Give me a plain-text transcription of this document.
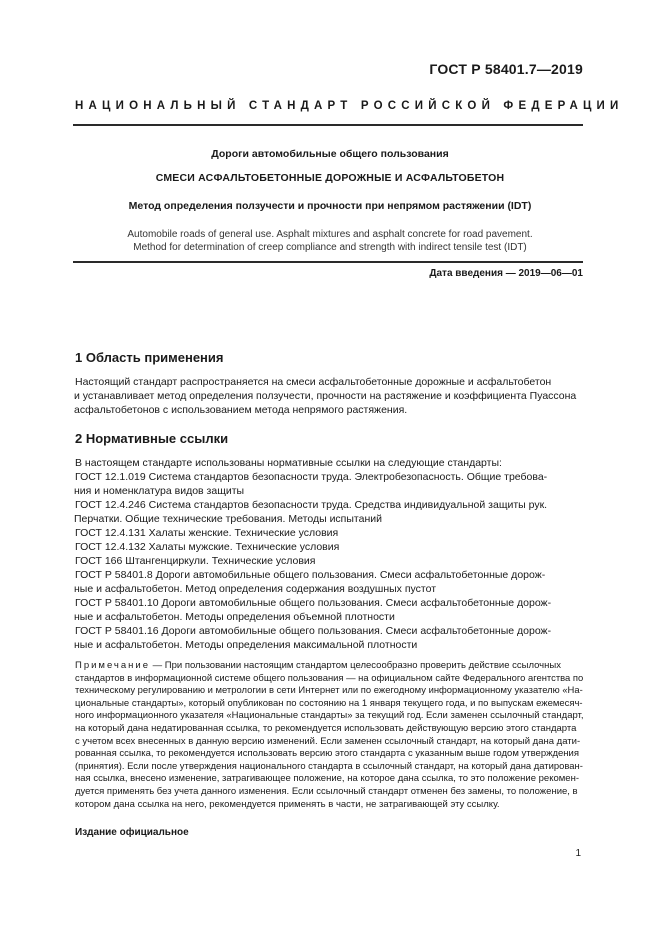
ГОСТ Р 58401.7—2019
НАЦИОНАЛЬНЫЙ СТАНДАРТ РОССИЙСКОЙ ФЕДЕРАЦИИ
Дороги автомобильные общего пользования
СМЕСИ АСФАЛЬТОБЕТОННЫЕ ДОРОЖНЫЕ И АСФАЛЬТОБЕТОН
Метод определения ползучести и прочности при непрямом растяжении (IDT)
Automobile roads of general use. Asphalt mixtures and asphalt concrete for road pavement.
Method for determination of creep compliance and strength with indirect tensile test (IDT)
Дата введения — 2019—06—01
1 Область применения
Настоящий стандарт распространяется на смеси асфальтобетонные дорожные и асфальтобетон
и устанавливает метод определения ползучести, прочности на растяжение и коэффициента Пуассона
асфальтобетонов с использованием метода непрямого растяжения.
2 Нормативные ссылки
В настоящем стандарте использованы нормативные ссылки на следующие стандарты:
ГОСТ 12.1.019 Система стандартов безопасности труда. Электробезопасность. Общие требова-
ния и номенклатура видов защиты
ГОСТ 12.4.246 Система стандартов безопасности труда. Средства индивидуальной защиты рук.
Перчатки. Общие технические требования. Методы испытаний
ГОСТ 12.4.131 Халаты женские. Технические условия
ГОСТ 12.4.132 Халаты мужские. Технические условия
ГОСТ 166 Штангенциркули. Технические условия
ГОСТ Р 58401.8 Дороги автомобильные общего пользования. Смеси асфальтобетонные дорож-
ные и асфальтобетон. Метод определения содержания воздушных пустот
ГОСТ Р 58401.10 Дороги автомобильные общего пользования. Смеси асфальтобетонные дорож-
ные и асфальтобетон. Методы определения объемной плотности
ГОСТ Р 58401.16 Дороги автомобильные общего пользования. Смеси асфальтобетонные дорож-
ные и асфальтобетон. Методы определения максимальной плотности
Примечание — При пользовании настоящим стандартом целесообразно проверить действие ссылочных
стандартов в информационной системе общего пользования — на официальном сайте Федерального агентства по
техническому регулированию и метрологии в сети Интернет или по ежегодному информационному указателю «На-
циональные стандарты», который опубликован по состоянию на 1 января текущего года, и по выпускам ежемесяч-
ного информационного указателя «Национальные стандарты» за текущий год. Если заменен ссылочный стандарт,
на который дана недатированная ссылка, то рекомендуется использовать действующую версию этого стандарта
с учетом всех внесенных в данную версию изменений. Если заменен ссылочный стандарт, на который дана дати-
рованная ссылка, то рекомендуется использовать версию этого стандарта с указанным выше годом утверждения
(принятия). Если после утверждения национального стандарта в ссылочный стандарт, на который дана датирован-
ная ссылка, внесено изменение, затрагивающее положение, на которое дана ссылка, то это положение рекомен-
дуется применять без учета данного изменения. Если ссылочный стандарт отменен без замены, то положение, в
котором дана ссылка на него, рекомендуется применять в части, не затрагивающей эту ссылку.
Издание официальное
1
